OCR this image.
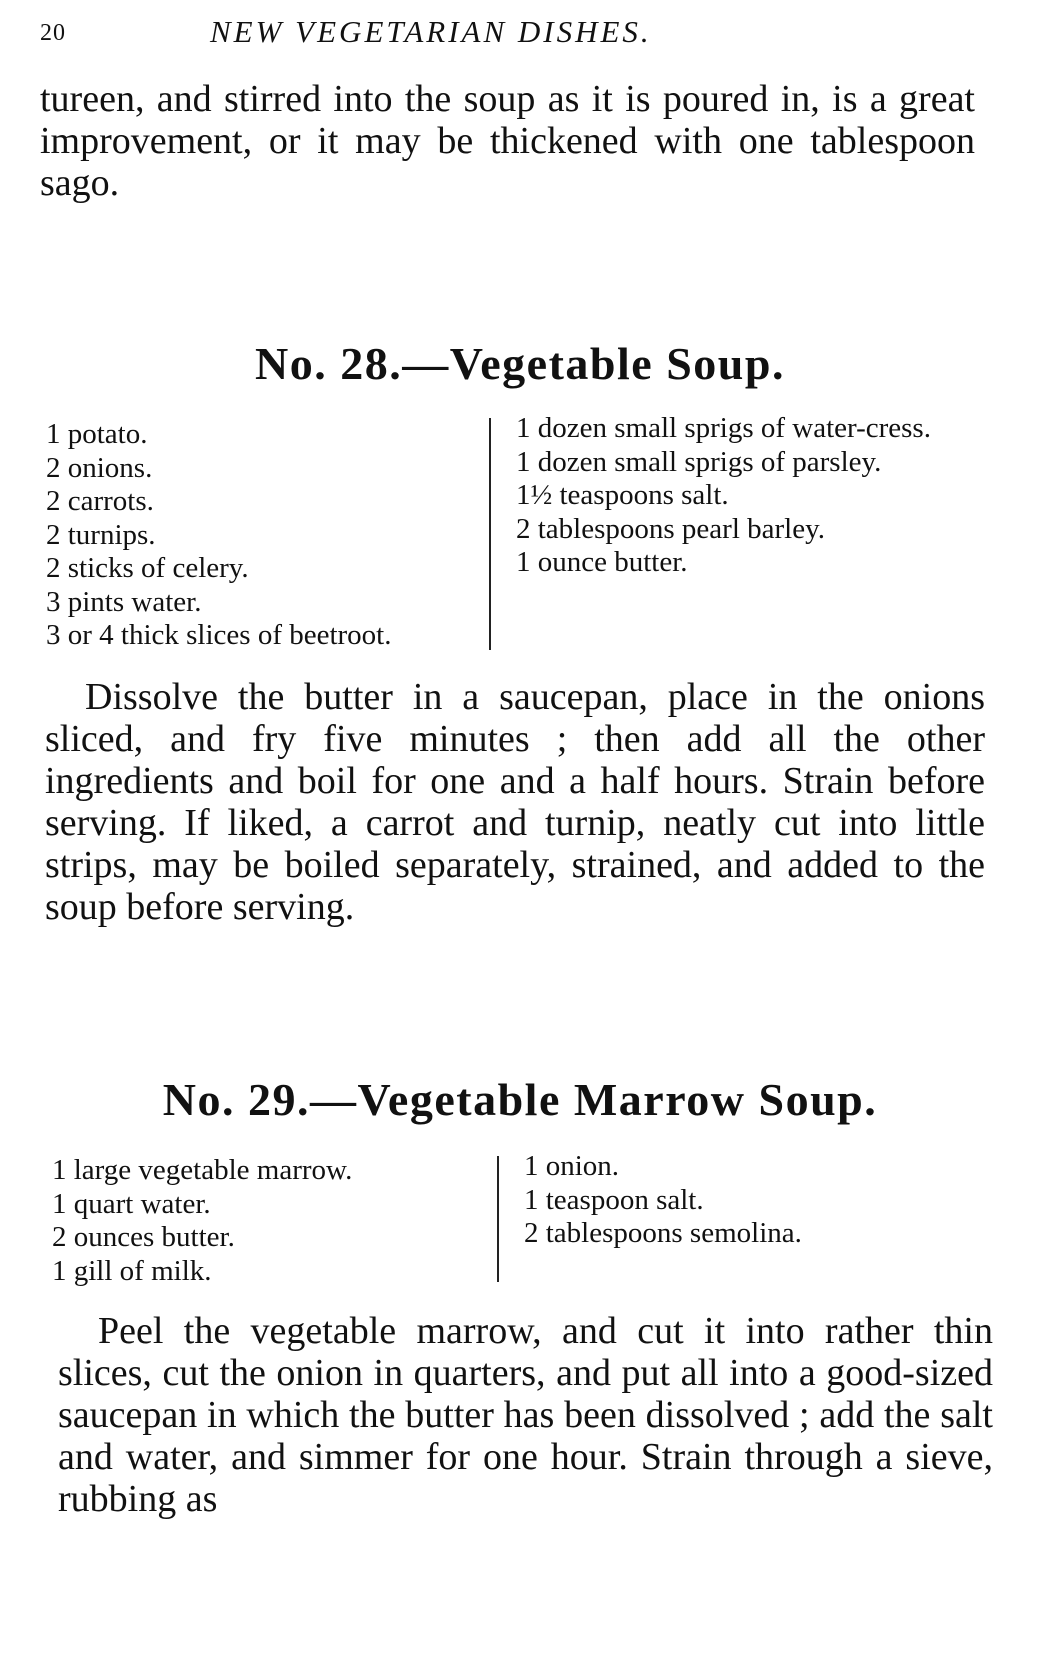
20	NEW VEGETARIAN DISHES.

tureen, and stirred into the soup as it is poured in, is a great improvement, or it may be thickened with one tablespoon sago.

No. 28.—Vegetable Soup.
1 potato.
2 onions.
2 carrots.
2 turnips.
2 sticks of celery.
3 pints water.
3 or 4 thick slices of beetroot.
1 dozen small sprigs of water-cress.
1 dozen small sprigs of parsley.
1½ teaspoons salt.
2 tablespoons pearl barley.
1 ounce butter.

Dissolve the butter in a saucepan, place in the onions sliced, and fry five minutes ; then add all the other ingredients and boil for one and a half hours. Strain before serving. If liked, a carrot and turnip, neatly cut into little strips, may be boiled separately, strained, and added to the soup before serving.

No. 29.—Vegetable Marrow Soup.
1 large vegetable marrow.
1 quart water.
2 ounces butter.
1 gill of milk.
1 onion.
1 teaspoon salt.
2 tablespoons semolina.

Peel the vegetable marrow, and cut it into rather thin slices, cut the onion in quarters, and put all into a good-sized saucepan in which the butter has been dissolved ; add the salt and water, and simmer for one hour. Strain through a sieve, rubbing as
